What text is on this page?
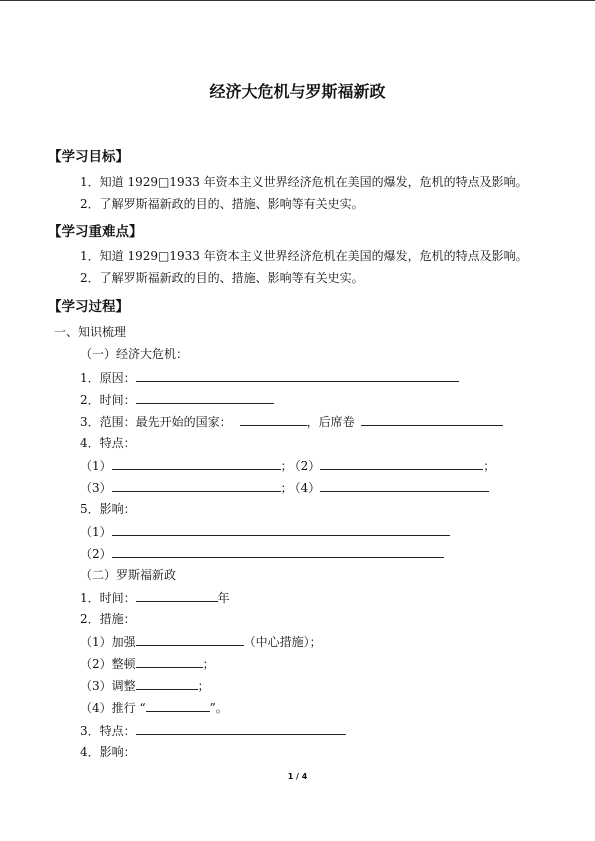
经济大危机与罗斯福新政
【学习目标】
1．知道 1929□1933 年资本主义世界经济危机在美国的爆发，危机的特点及影响。
2．了解罗斯福新政的目的、措施、影响等有关史实。
【学习重难点】
1．知道 1929□1933 年资本主义世界经济危机在美国的爆发，危机的特点及影响。
2．了解罗斯福新政的目的、措施、影响等有关史实。
【学习过程】
一、知识梳理
（一）经济大危机：
1．原因：
2．时间：
3．范围：最先开始的国家：	，后席卷
4．特点：
（1）	； （2）	；
（3）	； （4）
5．影响：
（1）
（2）
（二）罗斯福新政
1．时间：	年
2．措施：
（1）加强	（中心措施）；
（2）整顿	；
（3）调整	；
（4）推行 “	”。
3．特点：
4．影响：
1 / 4
